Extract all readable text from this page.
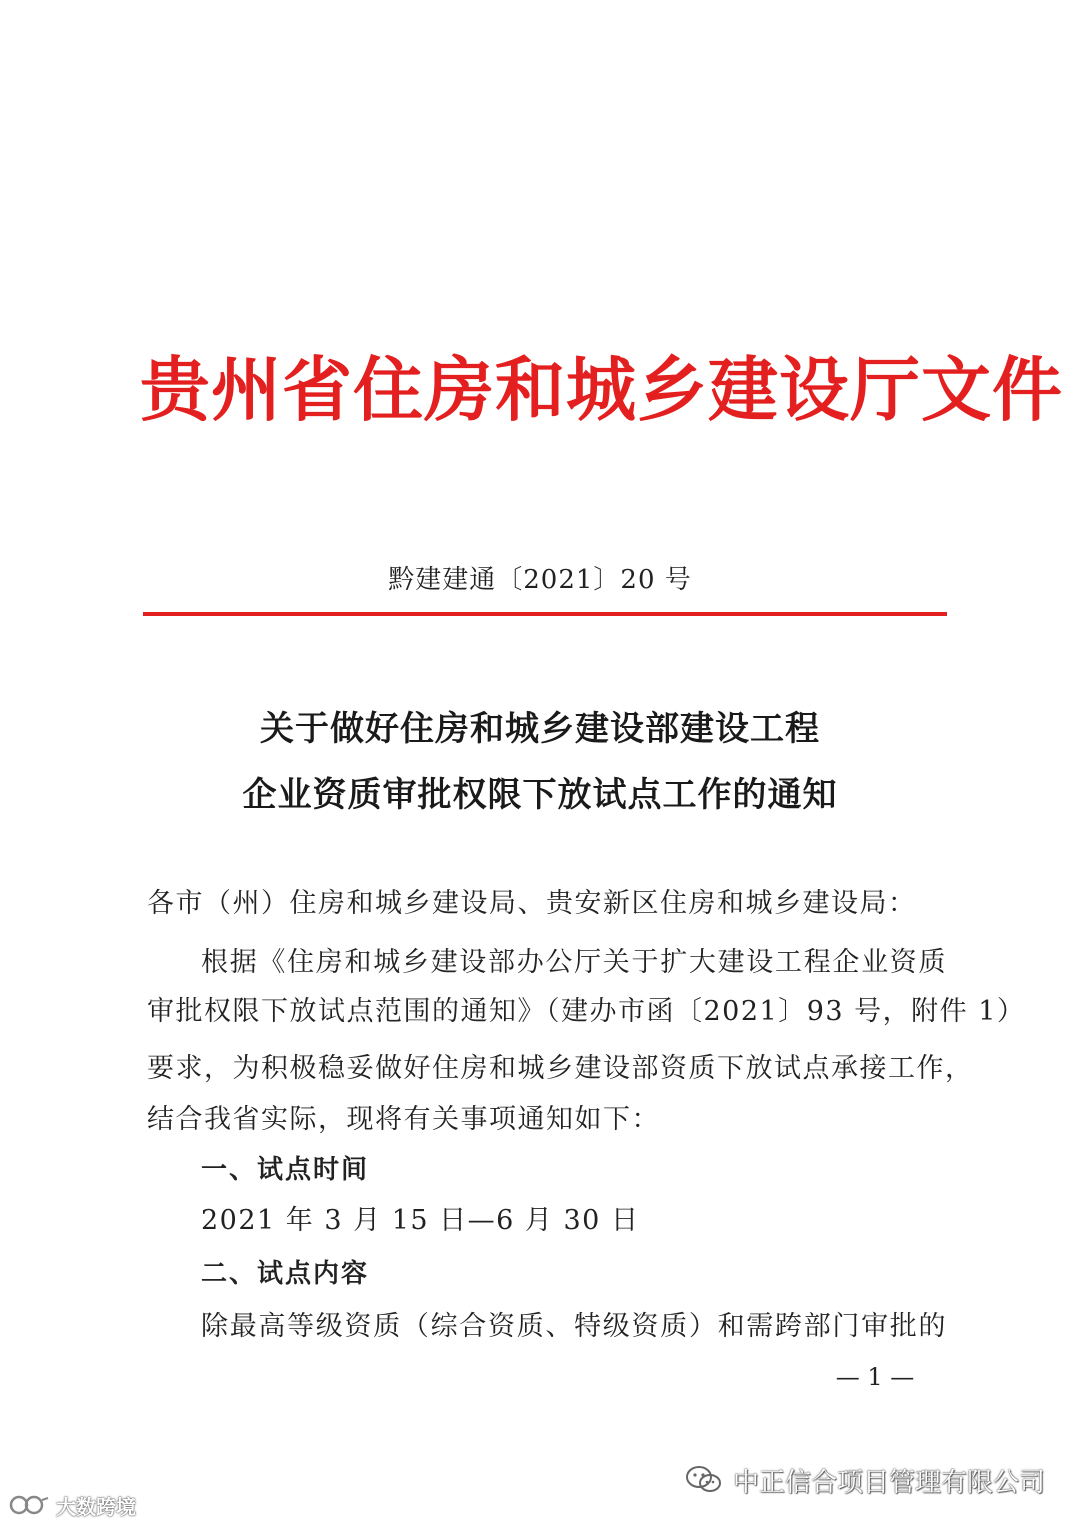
贵州省住房和城乡建设厅文件
黔建建通〔2021〕20 号
关于做好住房和城乡建设部建设工程
企业资质审批权限下放试点工作的通知
各市（州）住房和城乡建设局、贵安新区住房和城乡建设局：
根据《住房和城乡建设部办公厅关于扩大建设工程企业资质
审批权限下放试点范围的通知》（建办市函〔2021〕93 号，附件 1）
要求，为积极稳妥做好住房和城乡建设部资质下放试点承接工作，
结合我省实际，现将有关事项通知如下：
一、试点时间
2021 年 3 月 15 日—6 月 30 日
二、试点内容
除最高等级资质（综合资质、特级资质）和需跨部门审批的
— 1 —
中正信合项目管理有限公司
大数跨境
